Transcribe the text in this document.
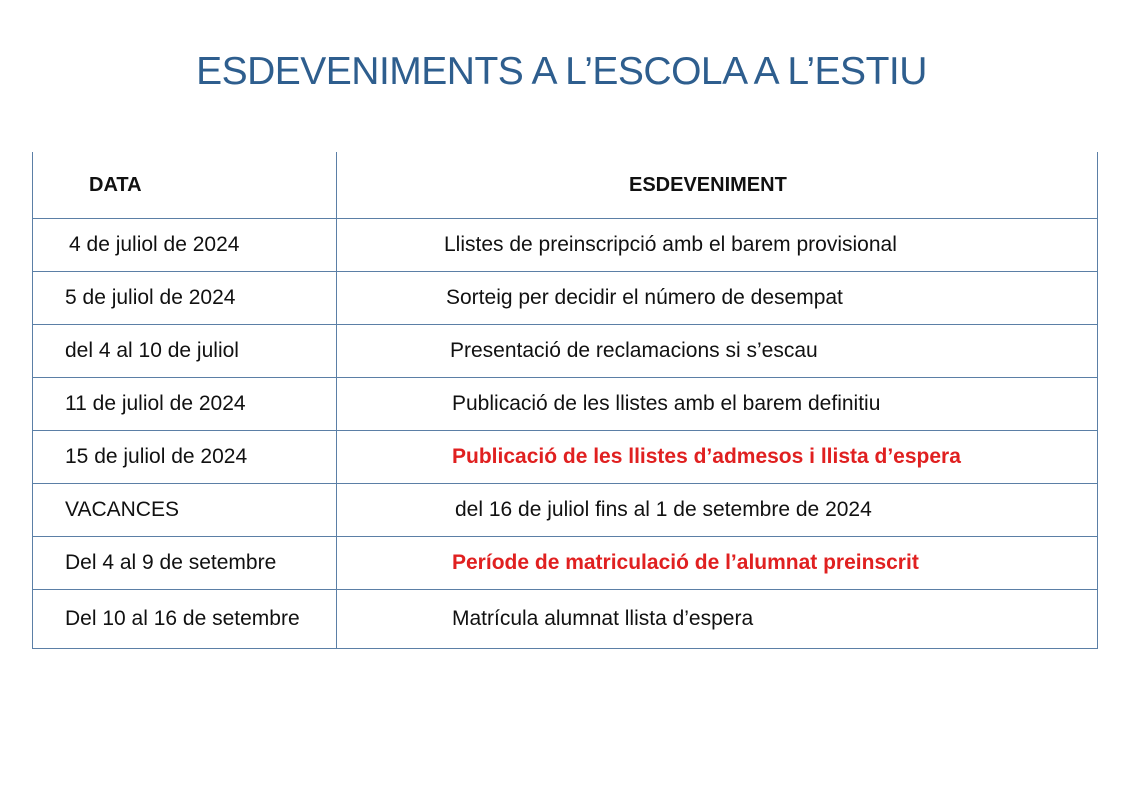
ESDEVENIMENTS A L’ESCOLA A L’ESTIU
DATA	ESDEVENIMENT
4 de juliol de 2024	Llistes de preinscripció amb el barem provisional
5 de juliol de 2024	Sorteig per decidir el número de desempat
del 4 al 10 de juliol	Presentació de reclamacions si s’escau
11 de juliol de 2024	Publicació de les llistes amb el barem definitiu
15 de juliol de 2024	Publicació de les llistes d’admesos i llista d’espera
VACANCES	del 16 de juliol fins al 1 de setembre de 2024
Del 4 al 9 de setembre	Període de matriculació de l’alumnat preinscrit
Del 10 al 16 de setembre	Matrícula alumnat llista d’espera
